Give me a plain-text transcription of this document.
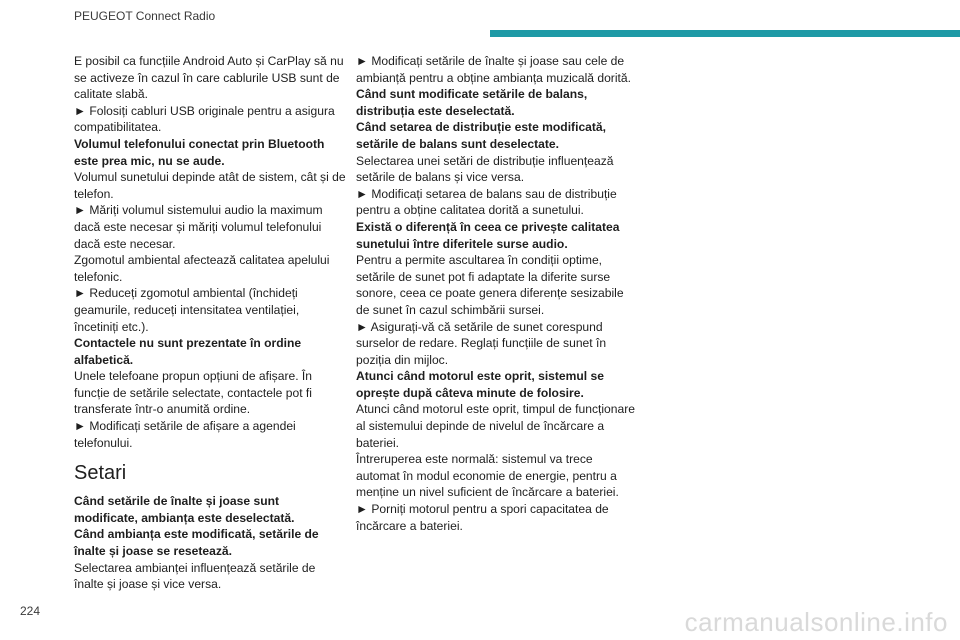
PEUGEOT Connect Radio
E posibil ca funcțiile Android Auto și CarPlay să nu se activeze în cazul în care cablurile USB sunt de calitate slabă.
► Folosiți cabluri USB originale pentru a asigura compatibilitatea.
Volumul telefonului conectat prin Bluetooth este prea mic, nu se aude.
Volumul sunetului depinde atât de sistem, cât și de telefon.
► Măriți volumul sistemului audio la maximum dacă este necesar și măriți volumul telefonului dacă este necesar.
Zgomotul ambiental afectează calitatea apelului telefonic.
► Reduceți zgomotul ambiental (închideți geamurile, reduceți intensitatea ventilației, încetiniți etc.).
Contactele nu sunt prezentate în ordine alfabetică.
Unele telefoane propun opțiuni de afișare. În funcție de setările selectate, contactele pot fi transferate într-o anumită ordine.
► Modificați setările de afișare a agendei telefonului.
Setari
Când setările de înalte și joase sunt modificate, ambianța este deselectată.
Când ambianța este modificată, setările de înalte și joase se resetează.
Selectarea ambianței influențează setările de înalte și joase și vice versa.
► Modificați setările de înalte și joase sau cele de ambianță pentru a obține ambianța muzicală dorită.
Când sunt modificate setările de balans, distribuția este deselectată.
Când setarea de distribuție este modificată, setările de balans sunt deselectate.
Selectarea unei setări de distribuție influențează setările de balans și vice versa.
► Modificați setarea de balans sau de distribuție pentru a obține calitatea dorită a sunetului.
Există o diferență în ceea ce privește calitatea sunetului între diferitele surse audio.
Pentru a permite ascultarea în condiții optime, setările de sunet pot fi adaptate la diferite surse sonore, ceea ce poate genera diferențe sesizabile de sunet în cazul schimbării sursei.
► Asigurați-vă că setările de sunet corespund surselor de redare. Reglați funcțiile de sunet în poziția din mijloc.
Atunci când motorul este oprit, sistemul se oprește după câteva minute de folosire.
Atunci când motorul este oprit, timpul de funcționare al sistemului depinde de nivelul de încărcare a bateriei.
Întreruperea este normală: sistemul va trece automat în modul economie de energie, pentru a menține un nivel suficient de încărcare a bateriei.
► Porniți motorul pentru a spori capacitatea de încărcare a bateriei.
224	carmanualsonline.info
